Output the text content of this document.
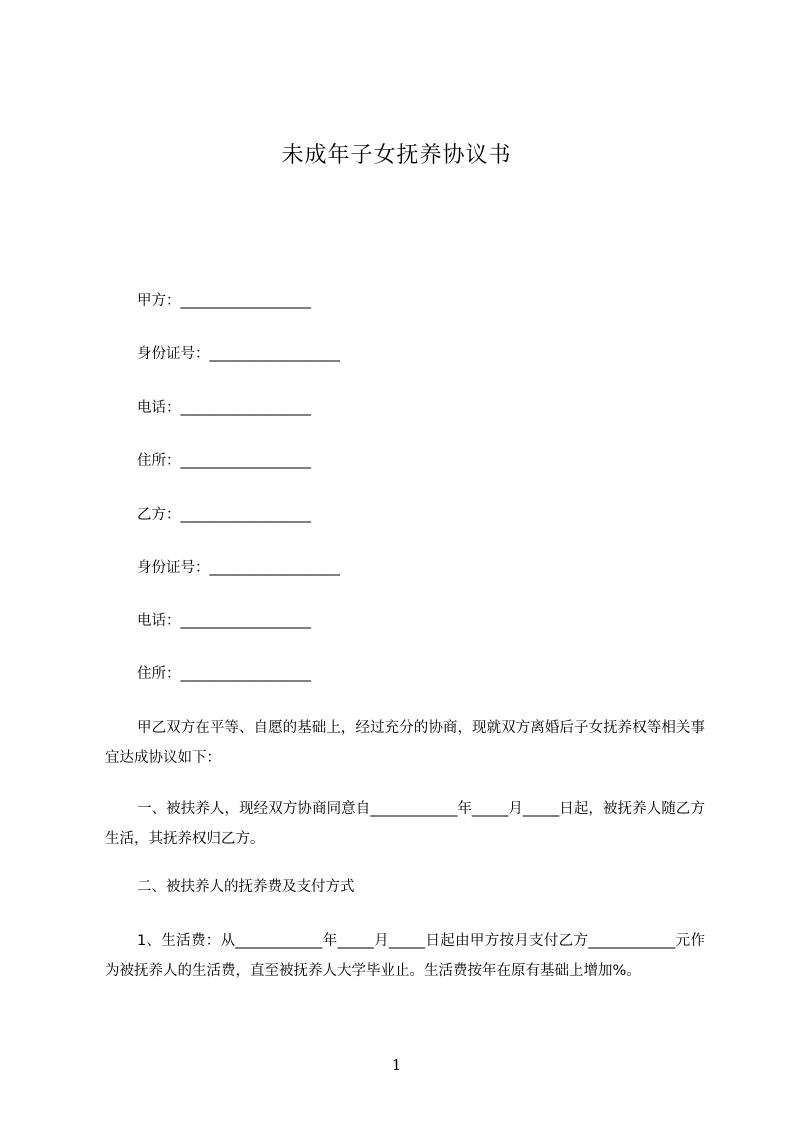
未成年子女抚养协议书
甲方：__________________
身份证号：__________________
电话：__________________
住所：__________________
乙方：__________________
身份证号：__________________
电话：__________________
住所：__________________
甲乙双方在平等、自愿的基础上，经过充分的协商，现就双方离婚后子女抚养权等相关事宜达成协议如下：
一、被扶养人，现经双方协商同意自____________年_____月_____日起，被抚养人随乙方生活，其抚养权归乙方。
二、被扶养人的抚养费及支付方式
1、生活费：从____________年_____月_____日起由甲方按月支付乙方____________元作为被抚养人的生活费，直至被抚养人大学毕业止。生活费按年在原有基础上增加%。
1
